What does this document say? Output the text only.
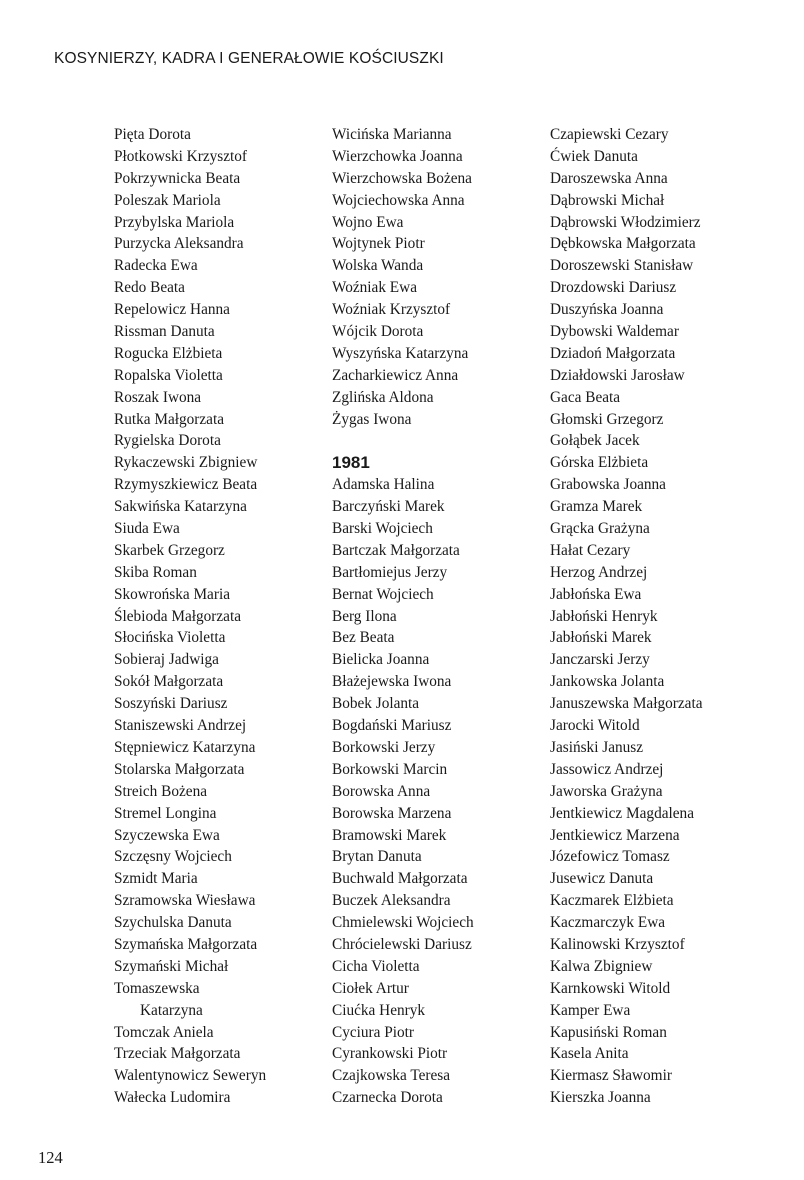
KOSYNIERZY, KADRA I GENERAŁOWIE KOŚCIUSZKI
Pięta Dorota
Płotkowski Krzysztof
Pokrzywnicka Beata
Poleszak Mariola
Przybylska Mariola
Purzycka Aleksandra
Radecka Ewa
Redo Beata
Repelowicz Hanna
Rissman Danuta
Rogucka Elżbieta
Ropalska Violetta
Roszak Iwona
Rutka Małgorzata
Rygielska Dorota
Rykaczewski Zbigniew
Rzymyszkiewicz Beata
Sakwińska Katarzyna
Siuda Ewa
Skarbek Grzegorz
Skiba Roman
Skowrońska Maria
Ślebioda Małgorzata
Słocińska Violetta
Sobieraj Jadwiga
Sokół Małgorzata
Soszyński Dariusz
Staniszewski Andrzej
Stępniewicz Katarzyna
Stolarska Małgorzata
Streich Bożena
Stremel Longina
Szyczewska Ewa
Szczęsny Wojciech
Szmidt Maria
Szramowska Wiesława
Szychulska Danuta
Szymańska Małgorzata
Szymański Michał
Tomaszewska
Katarzyna
Tomczak Aniela
Trzeciak Małgorzata
Walentynowicz Seweryn
Wałecka Ludomira
Wicińska Marianna
Wierzchowka Joanna
Wierzchowska Bożena
Wojciechowska Anna
Wojno Ewa
Wojtynek Piotr
Wolska Wanda
Woźniak Ewa
Woźniak Krzysztof
Wójcik Dorota
Wyszyńska Katarzyna
Zacharkiewicz Anna
Zglińska Aldona
Żygas Iwona
1981
Adamska Halina
Barczyński Marek
Barski Wojciech
Bartczak Małgorzata
Bartłomiejus Jerzy
Bernat Wojciech
Berg Ilona
Bez Beata
Bielicka Joanna
Błażejewska Iwona
Bobek Jolanta
Bogdański Mariusz
Borkowski Jerzy
Borkowski Marcin
Borowska Anna
Borowska Marzena
Bramowski Marek
Brytan Danuta
Buchwald Małgorzata
Buczek Aleksandra
Chmielewski Wojciech
Chrócielewski Dariusz
Cicha Violetta
Ciołek Artur
Ciućka Henryk
Cyciura Piotr
Cyrankowski Piotr
Czajkowska Teresa
Czarnecka Dorota
Czapiewski Cezary
Ćwiek Danuta
Daroszewska Anna
Dąbrowski Michał
Dąbrowski Włodzimierz
Dębkowska Małgorzata
Doroszewski Stanisław
Drozdowski Dariusz
Duszyńska Joanna
Dybowski Waldemar
Dziadoń Małgorzata
Działdowski Jarosław
Gaca Beata
Głomski Grzegorz
Gołąbek Jacek
Górska Elżbieta
Grabowska Joanna
Gramza Marek
Grącka Grażyna
Hałat Cezary
Herzog Andrzej
Jabłońska Ewa
Jabłoński Henryk
Jabłoński Marek
Janczarski Jerzy
Jankowska Jolanta
Januszewska Małgorzata
Jarocki Witold
Jasiński Janusz
Jassowicz Andrzej
Jaworska Grażyna
Jentkiewicz Magdalena
Jentkiewicz Marzena
Józefowicz Tomasz
Jusewicz Danuta
Kaczmarek Elżbieta
Kaczmarczyk Ewa
Kalinowski Krzysztof
Kalwa Zbigniew
Karnkowski Witold
Kamper Ewa
Kapusiński Roman
Kasela Anita
Kiermasz Sławomir
Kierszka Joanna
124
